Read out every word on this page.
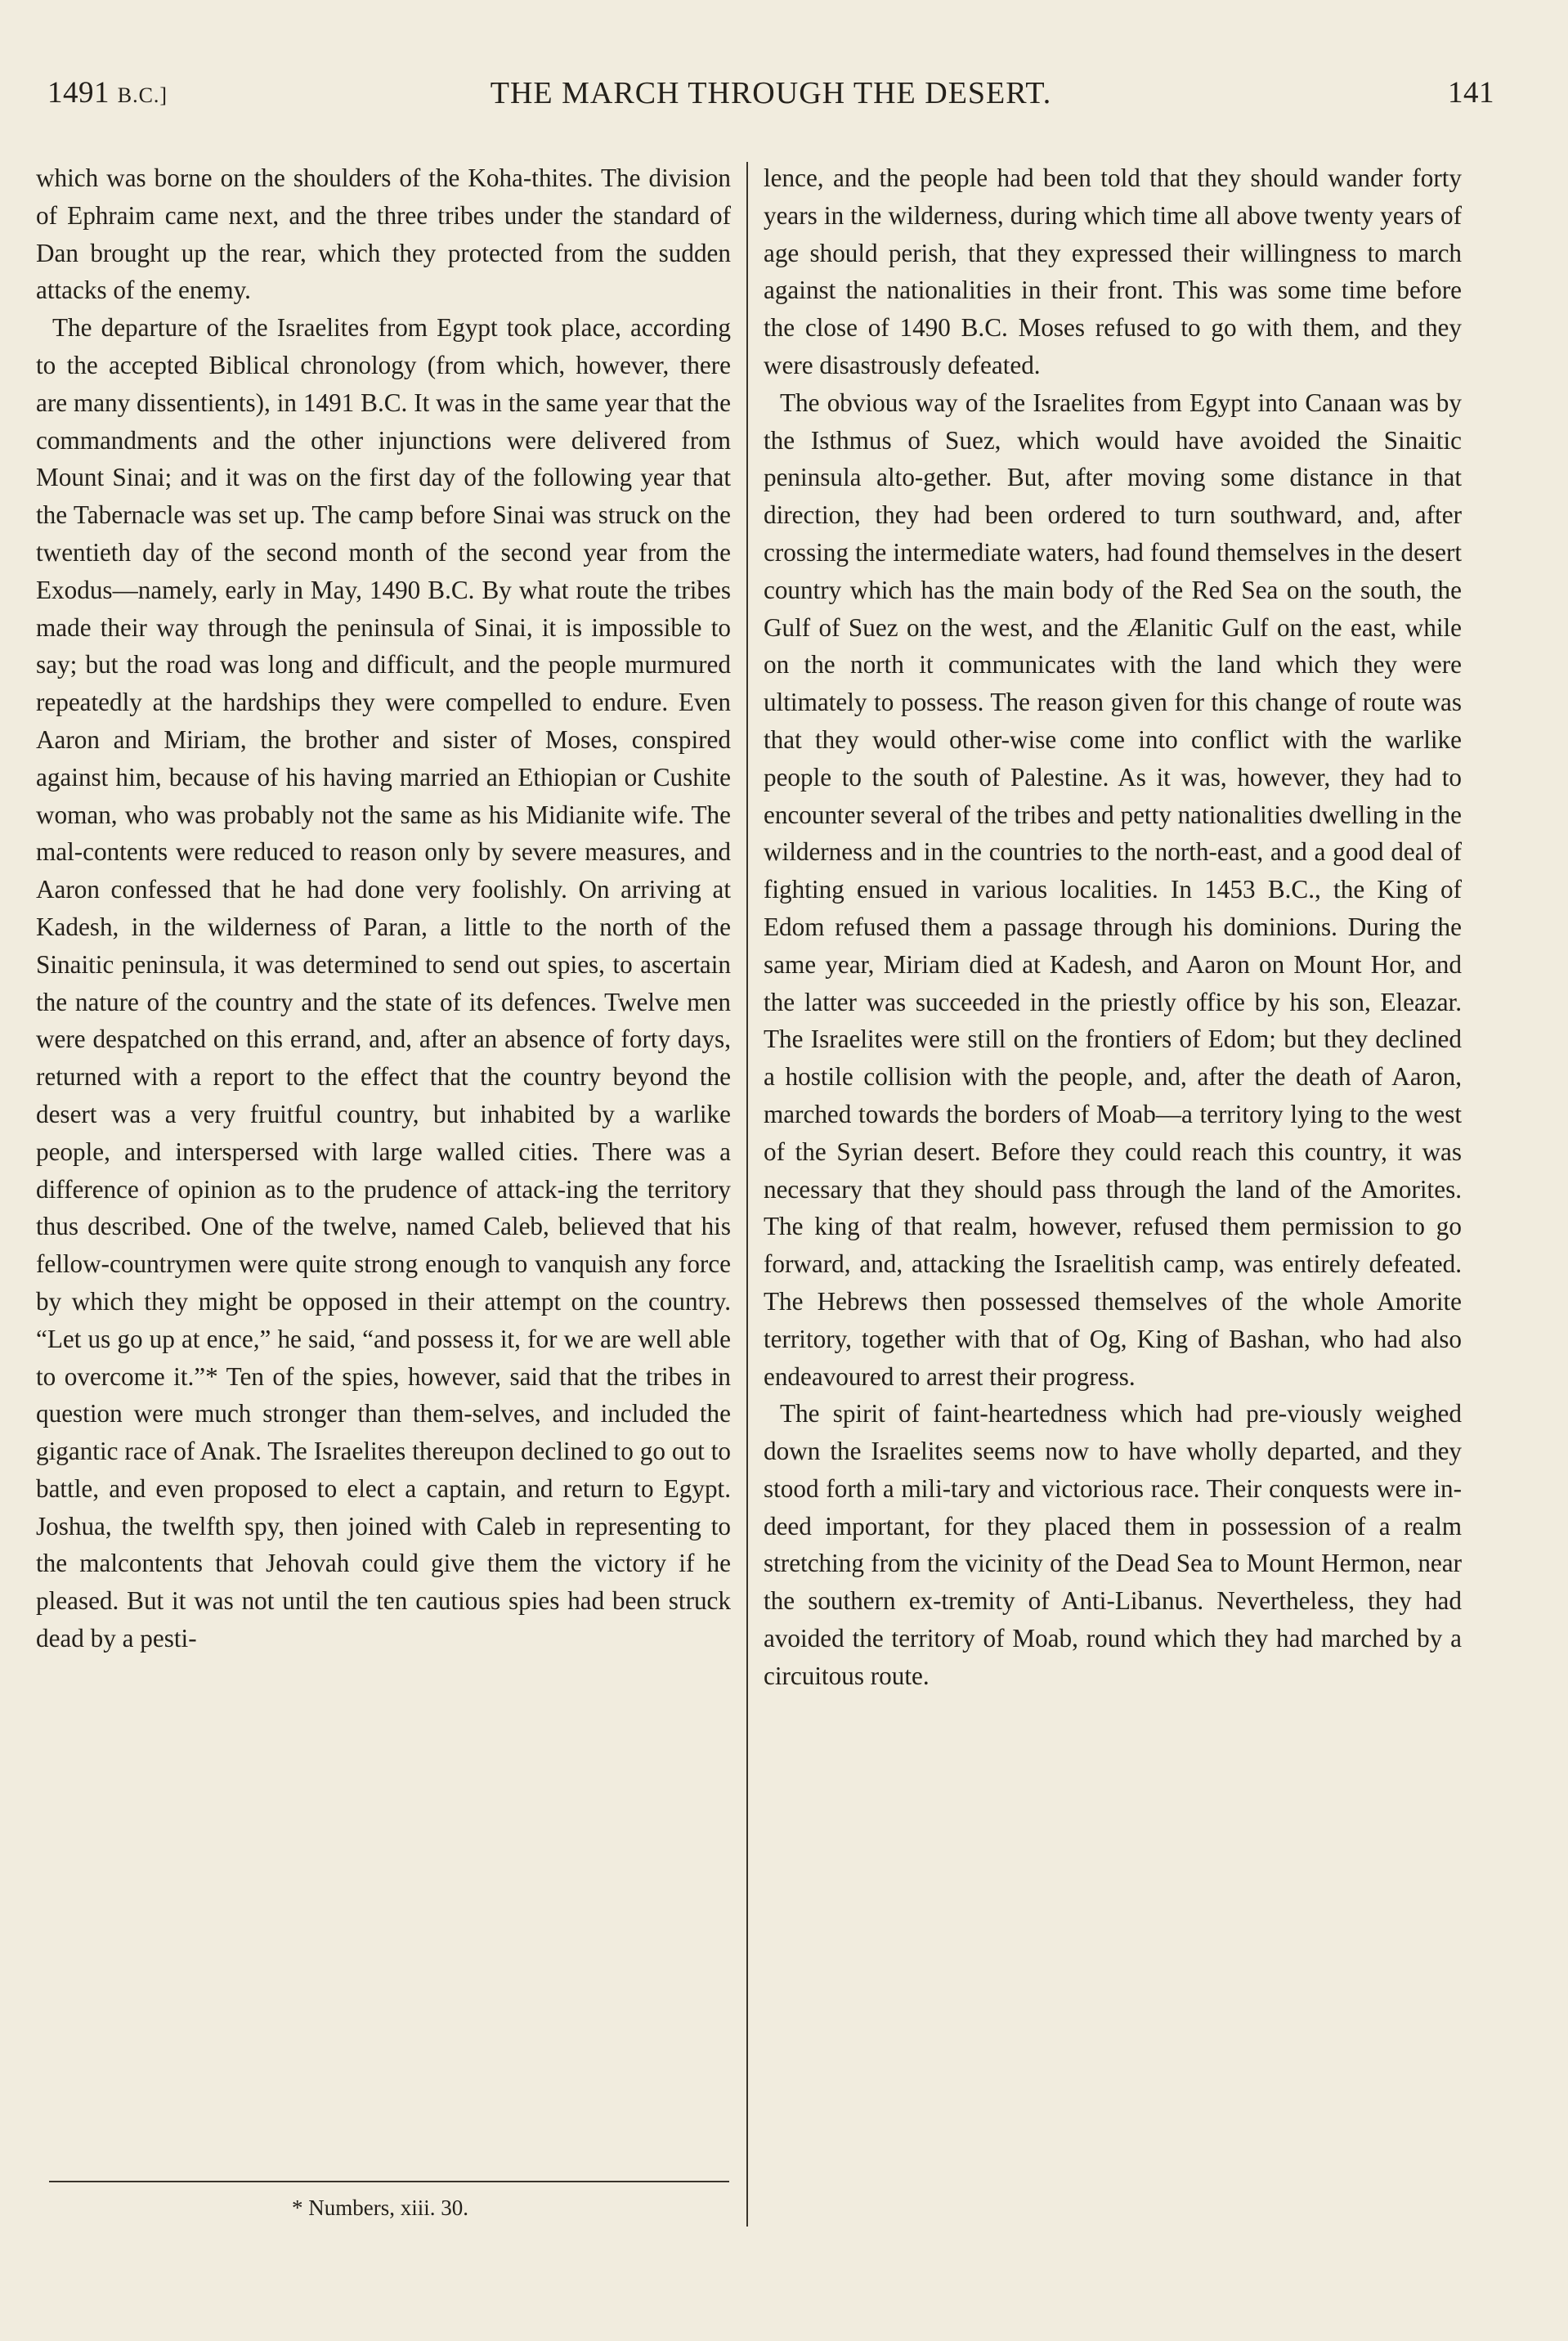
1491 B.C.]	THE MARCH THROUGH THE DESERT.	141

which was borne on the shoulders of the Koha-thites. The division of Ephraim came next, and the three tribes under the standard of Dan brought up the rear, which they protected from the sudden attacks of the enemy.

The departure of the Israelites from Egypt took place, according to the accepted Biblical chronology (from which, however, there are many dissentients), in 1491 B.C. It was in the same year that the commandments and the other injunctions were delivered from Mount Sinai; and it was on the first day of the following year that the Tabernacle was set up. The camp before Sinai was struck on the twentieth day of the second month of the second year from the Exodus—namely, early in May, 1490 B.C. By what route the tribes made their way through the peninsula of Sinai, it is impossible to say; but the road was long and difficult, and the people murmured repeatedly at the hardships they were compelled to endure. Even Aaron and Miriam, the brother and sister of Moses, conspired against him, because of his having married an Ethiopian or Cushite woman, who was probably not the same as his Midianite wife. The mal-contents were reduced to reason only by severe measures, and Aaron confessed that he had done very foolishly. On arriving at Kadesh, in the wilderness of Paran, a little to the north of the Sinaitic peninsula, it was determined to send out spies, to ascertain the nature of the country and the state of its defences. Twelve men were despatched on this errand, and, after an absence of forty days, returned with a report to the effect that the country beyond the desert was a very fruitful country, but inhabited by a warlike people, and interspersed with large walled cities. There was a difference of opinion as to the prudence of attack-ing the territory thus described. One of the twelve, named Caleb, believed that his fellow-countrymen were quite strong enough to vanquish any force by which they might be opposed in their attempt on the country. “Let us go up at ence,” he said, “and possess it, for we are well able to overcome it.”* Ten of the spies, however, said that the tribes in question were much stronger than them-selves, and included the gigantic race of Anak. The Israelites thereupon declined to go out to battle, and even proposed to elect a captain, and return to Egypt. Joshua, the twelfth spy, then joined with Caleb in representing to the malcontents that Jehovah could give them the victory if he pleased. But it was not until the ten cautious spies had been struck dead by a pesti-

lence, and the people had been told that they should wander forty years in the wilderness, during which time all above twenty years of age should perish, that they expressed their willingness to march against the nationalities in their front. This was some time before the close of 1490 B.C. Moses refused to go with them, and they were disastrously defeated.

The obvious way of the Israelites from Egypt into Canaan was by the Isthmus of Suez, which would have avoided the Sinaitic peninsula alto-gether. But, after moving some distance in that direction, they had been ordered to turn southward, and, after crossing the intermediate waters, had found themselves in the desert country which has the main body of the Red Sea on the south, the Gulf of Suez on the west, and the Ælanitic Gulf on the east, while on the north it communicates with the land which they were ultimately to possess. The reason given for this change of route was that they would other-wise come into conflict with the warlike people to the south of Palestine. As it was, however, they had to encounter several of the tribes and petty nationalities dwelling in the wilderness and in the countries to the north-east, and a good deal of fighting ensued in various localities. In 1453 B.C., the King of Edom refused them a passage through his dominions. During the same year, Miriam died at Kadesh, and Aaron on Mount Hor, and the latter was succeeded in the priestly office by his son, Eleazar. The Israelites were still on the frontiers of Edom; but they declined a hostile collision with the people, and, after the death of Aaron, marched towards the borders of Moab—a territory lying to the west of the Syrian desert. Before they could reach this country, it was necessary that they should pass through the land of the Amorites. The king of that realm, however, refused them permission to go forward, and, attacking the Israelitish camp, was entirely defeated. The Hebrews then possessed themselves of the whole Amorite territory, together with that of Og, King of Bashan, who had also endeavoured to arrest their progress.

The spirit of faint-heartedness which had pre-viously weighed down the Israelites seems now to have wholly departed, and they stood forth a mili-tary and victorious race. Their conquests were in-deed important, for they placed them in possession of a realm stretching from the vicinity of the Dead Sea to Mount Hermon, near the southern ex-tremity of Anti-Libanus. Nevertheless, they had avoided the territory of Moab, round which they had marched by a circuitous route.

* Numbers, xiii. 30.
